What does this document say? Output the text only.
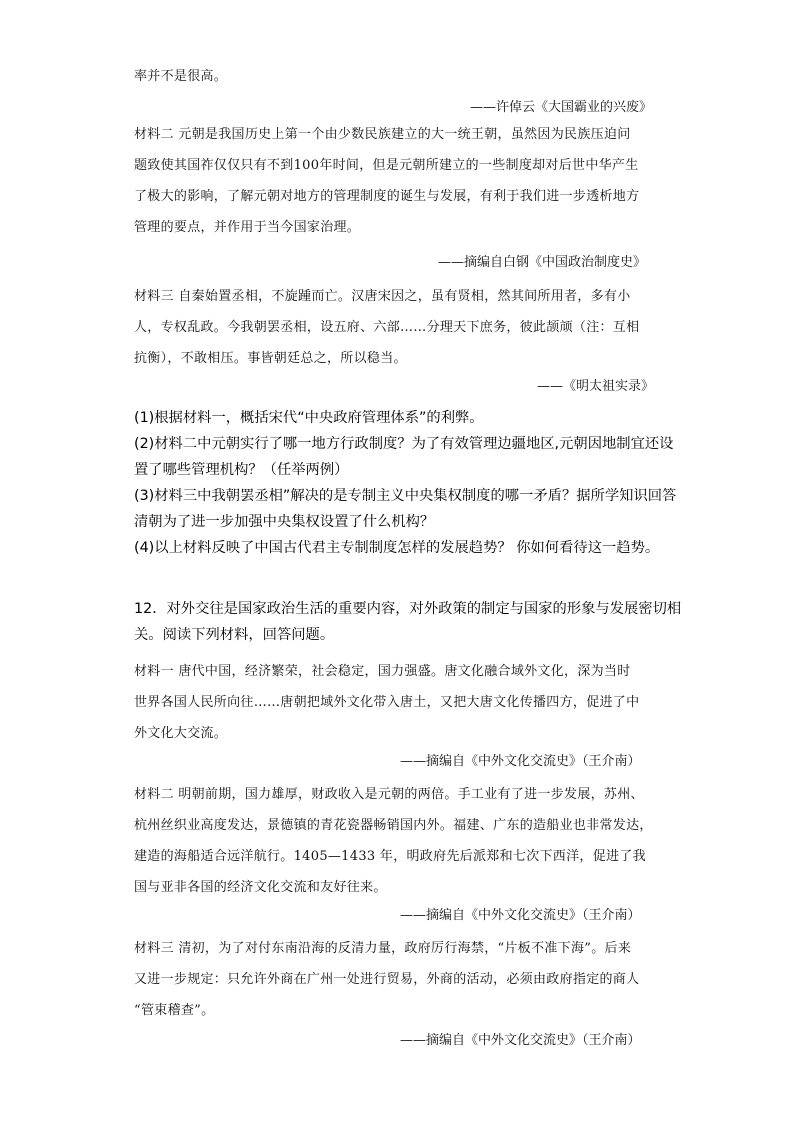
率并不是很高。

——许倬云《大国霸业的兴废》

材料二 元朝是我国历史上第一个由少数民族建立的大一统王朝，虽然因为民族压迫问
题致使其国祚仅仅只有不到100年时间，但是元朝所建立的一些制度却对后世中华产生
了极大的影响，了解元朝对地方的管理制度的诞生与发展，有利于我们进一步透析地方
管理的要点，并作用于当今国家治理。

——摘编自白钢《中国政治制度史》

材料三 自秦始置丞相，不旋踵而亡。汉唐宋因之，虽有贤相，然其间所用者，多有小
人，专权乱政。今我朝罢丞相，设五府、六部……分理天下庶务，彼此颉颃（注：互相
抗衡），不敢相压。事皆朝廷总之，所以稳当。

——《明太祖实录》

(1)根据材料一，概括宋代“中央政府管理体系”的利弊。
(2)材料二中元朝实行了哪一地方行政制度？为了有效管理边疆地区,元朝因地制宜还设
置了哪些管理机构？（任举两例）
(3)材料三中我朝罢丞相”解决的是专制主义中央集权制度的哪一矛盾？据所学知识回答
清朝为了进一步加强中央集权设置了什么机构？
(4)以上材料反映了中国古代君主专制制度怎样的发展趋势？ 你如何看待这一趋势。
12．对外交往是国家政治生活的重要内容，对外政策的制定与国家的形象与发展密切相
关。阅读下列材料，回答问题。

材料一 唐代中国，经济繁荣，社会稳定，国力强盛。唐文化融合域外文化，深为当时
世界各国人民所向往……唐朝把域外文化带入唐土，又把大唐文化传播四方，促进了中
外文化大交流。

——摘编自《中外文化交流史》（王介南）

材料二 明朝前期，国力雄厚，财政收入是元朝的两倍。手工业有了进一步发展，苏州、
杭州丝织业高度发达，景德镇的青花瓷器畅销国内外。福建、广东的造船业也非常发达，
建造的海船适合远洋航行。1405—1433 年，明政府先后派郑和七次下西洋，促进了我
国与亚非各国的经济文化交流和友好往来。

——摘编自《中外文化交流史》（王介南）

材料三 清初，为了对付东南沿海的反清力量，政府厉行海禁，“片板不准下海”。后来
又进一步规定：只允许外商在广州一处进行贸易，外商的活动，必须由政府指定的商人
“管束稽查”。

——摘编自《中外文化交流史》（王介南）
